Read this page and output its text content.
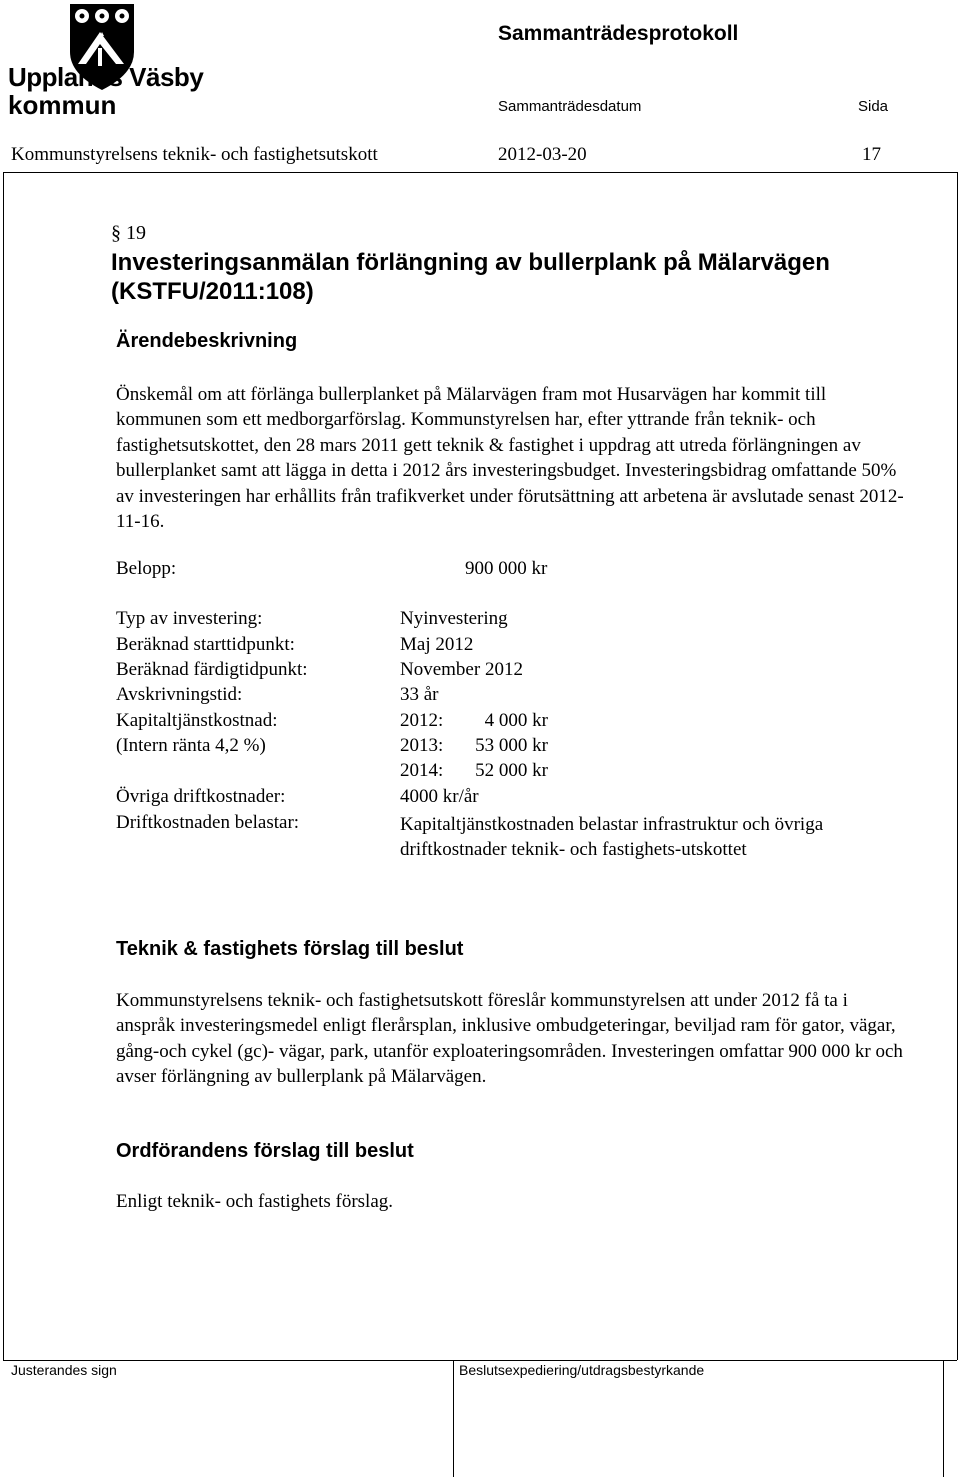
Upplands Väsby
kommun
Sammanträdesprotokoll
Sammanträdesdatum	Sida
Kommunstyrelsens teknik- och fastighetsutskott	2012-03-20	17
§ 19
Investeringsanmälan förlängning av bullerplank på Mälarvägen (KSTFU/2011:108)
Ärendebeskrivning
Önskemål om att förlänga bullerplanket på Mälarvägen fram mot Husarvägen har kommit till kommunen som ett medborgarförslag. Kommunstyrelsen har, efter yttrande från teknik- och fastighetsutskottet, den 28 mars 2011 gett teknik & fastighet i uppdrag att utreda förlängningen av bullerplanket samt att lägga in detta i 2012 års investeringsbudget. Investeringsbidrag omfattande 50% av investeringen har erhållits från trafikverket under förutsättning att arbetena är avslutade senast 2012-11-16.
Belopp:	900 000 kr
Typ av investering:	Nyinvestering
Beräknad starttidpunkt:	Maj 2012
Beräknad färdigtidpunkt:	November 2012
Avskrivningstid:	33 år
Kapitaltjänstkostnad:	2012: 4 000 kr
(Intern ränta 4,2 %)	2013: 53 000 kr
2014: 52 000 kr
Övriga driftkostnader:	4000 kr/år
Driftkostnaden belastar:	Kapitaltjänstkostnaden belastar infrastruktur och övriga driftkostnader teknik- och fastighets-utskottet
Teknik & fastighets förslag till beslut
Kommunstyrelsens teknik- och fastighetsutskott föreslår kommunstyrelsen att under 2012 få ta i anspråk investeringsmedel enligt flerårsplan, inklusive ombudgeteringar, beviljad ram för gator, vägar, gång-och cykel (gc)- vägar, park, utanför exploateringsområden. Investeringen omfattar 900 000 kr och avser förlängning av bullerplank på Mälarvägen.
Ordförandens förslag till beslut
Enligt teknik- och fastighets förslag.
Justerandes sign	Beslutsexpediering/utdragsbestyrkande
